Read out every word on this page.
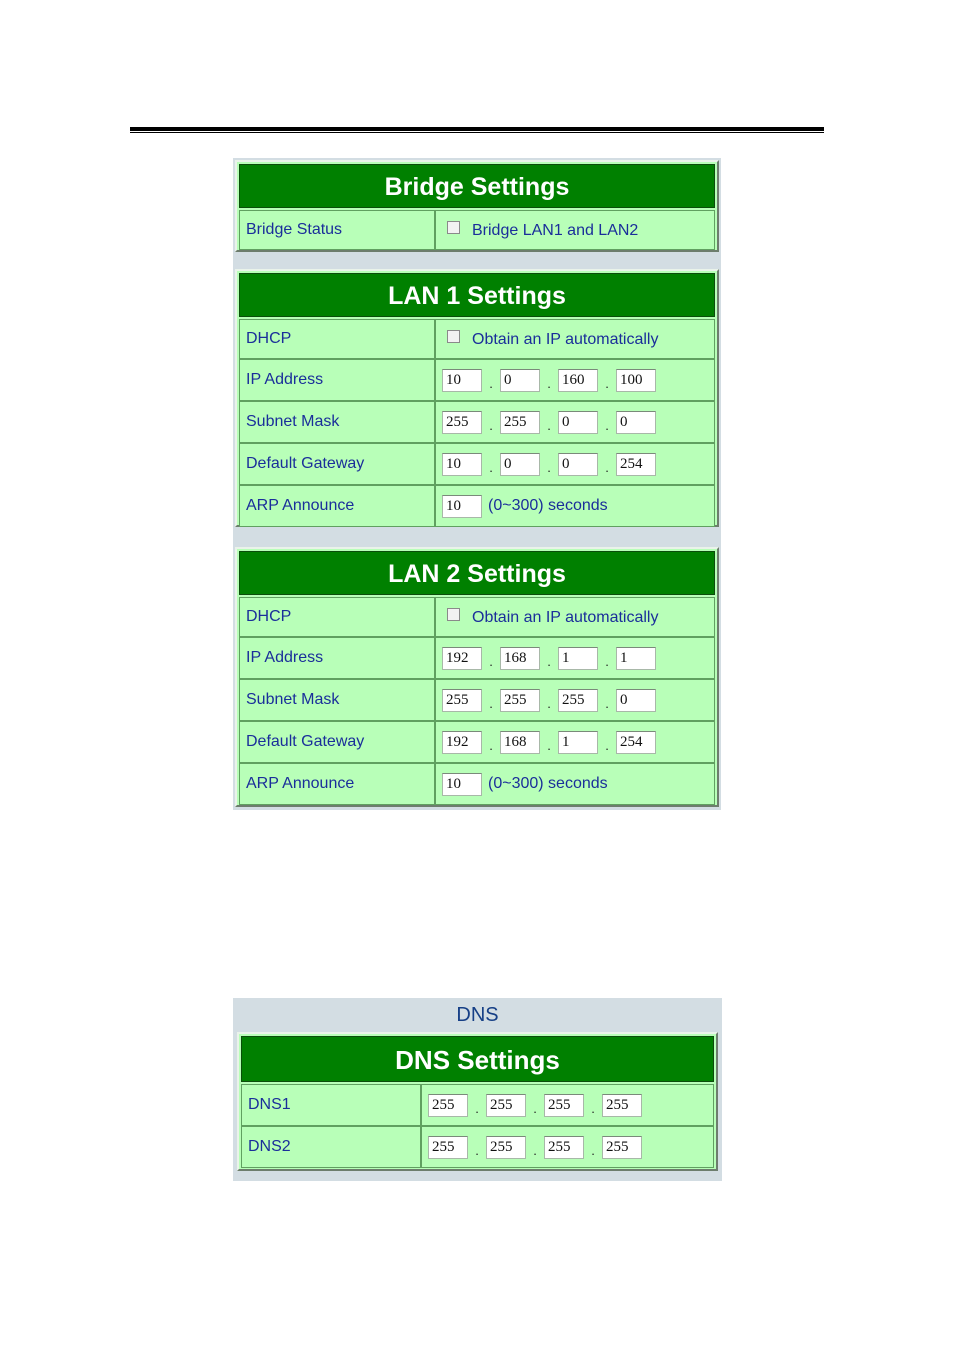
Bridge Settings
Bridge Status	Bridge LAN1 and LAN2
LAN 1 Settings
DHCP	Obtain an IP automatically
IP Address	10	. 0	. 160	. 100
Subnet Mask	255	. 255	. 0	. 0
Default Gateway	10	. 0	. 0	. 254
ARP Announce	10	(0~300) seconds
LAN 2 Settings
DHCP	Obtain an IP automatically
IP Address	192	. 168	. 1	. 1
Subnet Mask	255	. 255	. 255	. 0
Default Gateway	192	. 168	. 1	. 254
ARP Announce	10	(0~300) seconds
DNS Settings
DNS1	255	. 255	. 255	. 255
DNS2	255	. 255	. 255	. 255
DNS
